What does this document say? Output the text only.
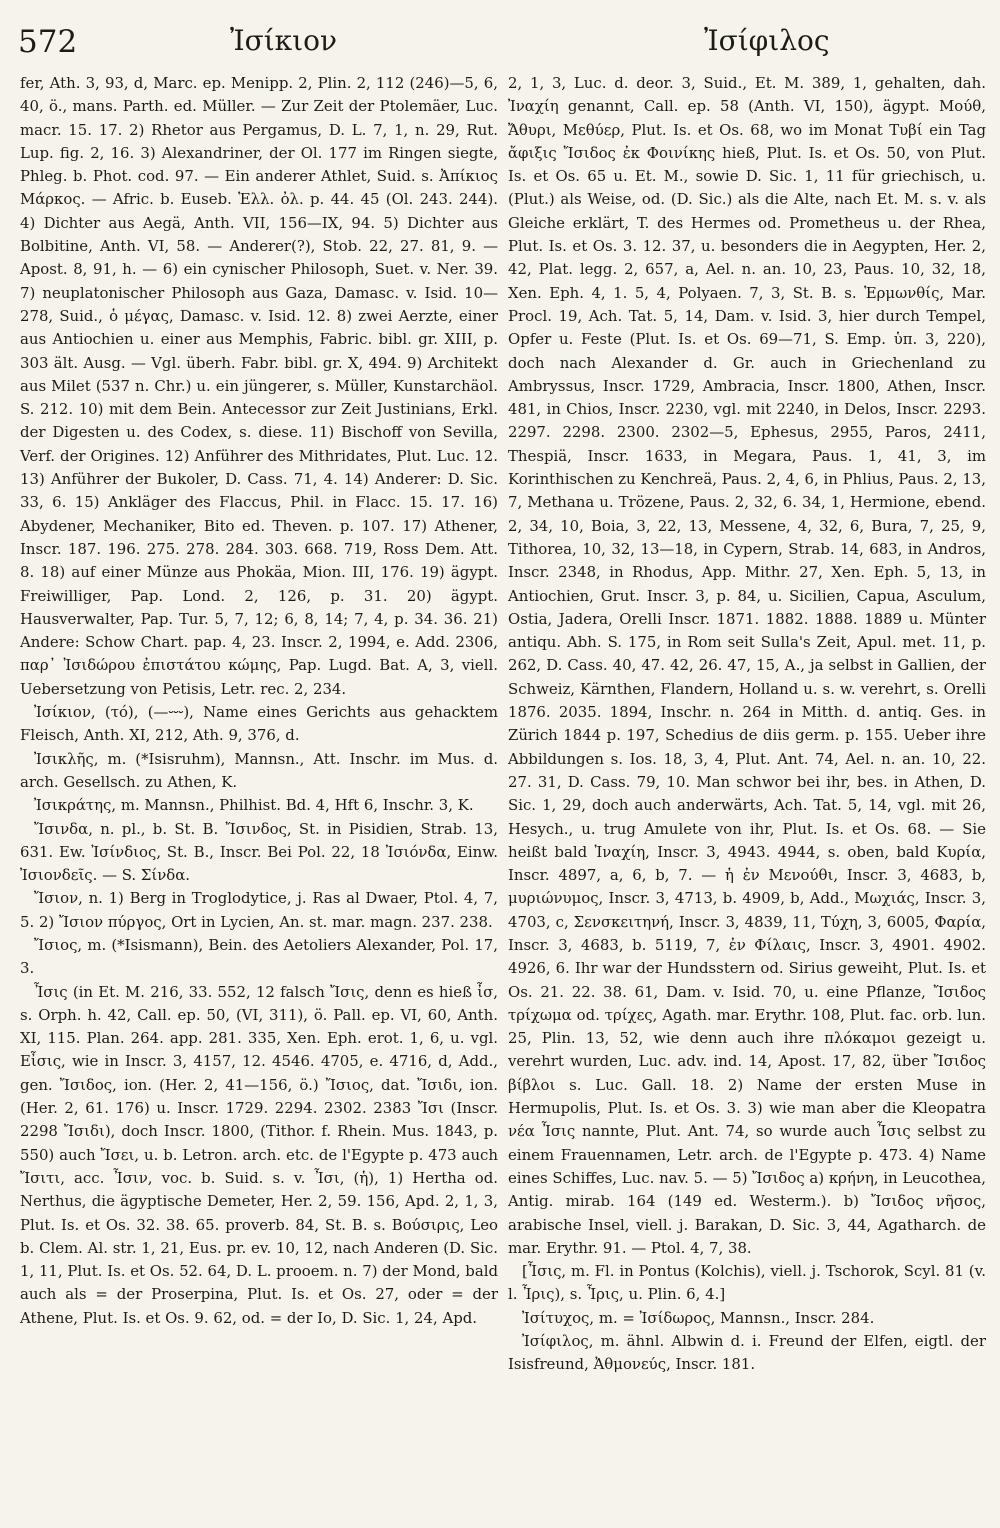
572	Ἰσίκιον	Ἰσίφιλος

fer, Ath. 3, 93, d, Marc. ep. Menipp. 2, Plin. 2, 112 (246)—5, 6, 40, ö., mans. Parth. ed. Müller. — Zur Zeit der Ptolemäer, Luc. macr. 15. 17. 2) Rhetor aus Pergamus, D. L. 7, 1, n. 29, Rut. Lup. fig. 2, 16. 3) Alexandriner, der Ol. 177 im Ringen siegte, Phleg. b. Phot. cod. 97. — Ein anderer Athlet, Suid. s. Ἀπίκιος Μάρκος. — Afric. b. Euseb. Ἑλλ. ὀλ. p. 44. 45 (Ol. 243. 244). 4) Dichter aus Aegä, Anth. VII, 156—IX, 94. 5) Dichter aus Bolbitine, Anth. VI, 58. — Anderer(?), Stob. 22, 27. 81, 9. — Apost. 8, 91, h. — 6) ein cynischer Philosoph, Suet. v. Ner. 39. 7) neuplatonischer Philosoph aus Gaza, Damasc. v. Isid. 10—278, Suid., ὁ μέγας, Damasc. v. Isid. 12. 8) zwei Aerzte, einer aus Antiochien u. einer aus Memphis, Fabric. bibl. gr. XIII, p. 303 ält. Ausg. — Vgl. überh. Fabr. bibl. gr. X, 494. 9) Architekt aus Milet (537 n. Chr.) u. ein jüngerer, s. Müller, Kunstarchäol. S. 212. 10) mit dem Bein. Antecessor zur Zeit Justinians, Erkl. der Digesten u. des Codex, s. diese. 11) Bischoff von Sevilla, Verf. der Origines. 12) Anführer des Mithridates, Plut. Luc. 12. 13) Anführer der Bukoler, D. Cass. 71, 4. 14) Anderer: D. Sic. 33, 6. 15) Ankläger des Flaccus, Phil. in Flacc. 15. 17. 16) Abydener, Mechaniker, Bito ed. Theven. p. 107. 17) Athener, Inscr. 187. 196. 275. 278. 284. 303. 668. 719, Ross Dem. Att. 8. 18) auf einer Münze aus Phokäa, Mion. III, 176. 19) ägypt. Freiwilliger, Pap. Lond. 2, 126, p. 31. 20) ägypt. Hausverwalter, Pap. Tur. 5, 7, 12; 6, 8, 14; 7, 4, p. 34. 36. 21) Andere: Schow Chart. pap. 4, 23. Inscr. 2, 1994, e. Add. 2306, παρ᾽ Ἰσιδώρου ἐπιστάτου κώμης, Pap. Lugd. Bat. A, 3, viell. Uebersetzung von Petisis, Letr. rec. 2, 234.

Ἰσίκιον, (τό), (—⏑⏑⏑), Name eines Gerichts aus gehacktem Fleisch, Anth. XI, 212, Ath. 9, 376, d.

Ἰσικλῆς, m. (*Isisruhm), Mannsn., Att. Inschr. im Mus. d. arch. Gesellsch. zu Athen, K.

Ἰσικράτης, m. Mannsn., Philhist. Bd. 4, Hft 6, Inschr. 3, K.

Ἴσινδα, n. pl., b. St. B. Ἴσινδος, St. in Pisidien, Strab. 13, 631. Ew. Ἰσίνδιος, St. B., Inscr. Bei Pol. 22, 18 Ἰσιόνδα, Einw. Ἰσιονδεῖς. — S. Σίνδα.

Ἴσιον, n. 1) Berg in Troglodytice, j. Ras al Dwaer, Ptol. 4, 7, 5. 2) Ἴσιον πύργος, Ort in Lycien, An. st. mar. magn. 237. 238.

Ἴσιος, m. (*Isismann), Bein. des Aetoliers Alexander, Pol. 17, 3.

Ἶσις (in Et. M. 216, 33. 552, 12 falsch Ἴσις, denn es hieß ἶσ, s. Orph. h. 42, Call. ep. 50, (VI, 311), ö. Pall. ep. VI, 60, Anth. XI, 115. Plan. 264. app. 281. 335, Xen. Eph. erot. 1, 6, u. vgl. Εἶσις, wie in Inscr. 3, 4157, 12. 4546. 4705, e. 4716, d, Add., gen. Ἴσιδος, ion. (Her. 2, 41—156, ö.) Ἴσιος, dat. Ἴσιδι, ion. (Her. 2, 61. 176) u. Inscr. 1729. 2294. 2302. 2383 Ἴσι (Inscr. 2298 Ἴσιδι), doch Inscr. 1800, (Tithor. f. Rhein. Mus. 1843, p. 550) auch Ἴσει, u. b. Letron. arch. etc. de l'Egypte p. 473 auch Ἴσιτι, acc. Ἶσιν, voc. b. Suid. s. v. Ἶσι, (ἡ), 1) Hertha od. Nerthus, die ägyptische Demeter, Her. 2, 59. 156, Apd. 2, 1, 3, Plut. Is. et Os. 32. 38. 65. proverb. 84, St. B. s. Βούσιρις, Leo b. Clem. Al. str. 1, 21, Eus. pr. ev. 10, 12, nach Anderen (D. Sic. 1, 11, Plut. Is. et Os. 52. 64, D. L. prooem. n. 7) der Mond, bald auch als = der Proserpina, Plut. Is. et Os. 27, oder = der Athene, Plut. Is. et Os. 9. 62, od. = der Io, D. Sic. 1, 24, Apd.

2, 1, 3, Luc. d. deor. 3, Suid., Et. M. 389, 1, gehalten, dah. Ἰναχίη genannt, Call. ep. 58 (Anth. VI, 150), ägypt. Μούθ, Ἄθυρι, Μεθύερ, Plut. Is. et Os. 68, wo im Monat Τυβί ein Tag ἄφιξις Ἴσιδος ἐκ Φοινίκης hieß, Plut. Is. et Os. 50, von Plut. Is. et Os. 65 u. Et. M., sowie D. Sic. 1, 11 für griechisch, u. (Plut.) als Weise, od. (D. Sic.) als die Alte, nach Et. M. s. v. als Gleiche erklärt, T. des Hermes od. Prometheus u. der Rhea, Plut. Is. et Os. 3. 12. 37, u. besonders die in Aegypten, Her. 2, 42, Plat. legg. 2, 657, a, Ael. n. an. 10, 23, Paus. 10, 32, 18, Xen. Eph. 4, 1. 5, 4, Polyaen. 7, 3, St. B. s. Ἑρμωνθίς, Mar. Procl. 19, Ach. Tat. 5, 14, Dam. v. Isid. 3, hier durch Tempel, Opfer u. Feste (Plut. Is. et Os. 69—71, S. Emp. ὑπ. 3, 220), doch nach Alexander d. Gr. auch in Griechenland zu Ambryssus, Inscr. 1729, Ambracia, Inscr. 1800, Athen, Inscr. 481, in Chios, Inscr. 2230, vgl. mit 2240, in Delos, Inscr. 2293. 2297. 2298. 2300. 2302—5, Ephesus, 2955, Paros, 2411, Thespiä, Inscr. 1633, in Megara, Paus. 1, 41, 3, im Korinthischen zu Kenchreä, Paus. 2, 4, 6, in Phlius, Paus. 2, 13, 7, Methana u. Trözene, Paus. 2, 32, 6. 34, 1, Hermione, ebend. 2, 34, 10, Boia, 3, 22, 13, Messene, 4, 32, 6, Bura, 7, 25, 9, Tithorea, 10, 32, 13—18, in Cypern, Strab. 14, 683, in Andros, Inscr. 2348, in Rhodus, App. Mithr. 27, Xen. Eph. 5, 13, in Antiochien, Grut. Inscr. 3, p. 84, u. Sicilien, Capua, Asculum, Ostia, Jadera, Orelli Inscr. 1871. 1882. 1888. 1889 u. Münter antiqu. Abh. S. 175, in Rom seit Sulla's Zeit, Apul. met. 11, p. 262, D. Cass. 40, 47. 42, 26. 47, 15, A., ja selbst in Gallien, der Schweiz, Kärnthen, Flandern, Holland u. s. w. verehrt, s. Orelli 1876. 2035. 1894, Inschr. n. 264 in Mitth. d. antiq. Ges. in Zürich 1844 p. 197, Schedius de diis germ. p. 155. Ueber ihre Abbildungen s. Ios. 18, 3, 4, Plut. Ant. 74, Ael. n. an. 10, 22. 27. 31, D. Cass. 79, 10. Man schwor bei ihr, bes. in Athen, D. Sic. 1, 29, doch auch anderwärts, Ach. Tat. 5, 14, vgl. mit 26, Hesych., u. trug Amulete von ihr, Plut. Is. et Os. 68. — Sie heißt bald Ἰναχίη, Inscr. 3, 4943. 4944, s. oben, bald Κυρία, Inscr. 4897, a, 6, b, 7. — ἡ ἐν Μενούθι, Inscr. 3, 4683, b, μυριώνυμος, Inscr. 3, 4713, b. 4909, b, Add., Μωχιάς, Inscr. 3, 4703, c, Σενσκειτηνή, Inscr. 3, 4839, 11, Τύχη, 3, 6005, Φαρία, Inscr. 3, 4683, b. 5119, 7, ἐν Φίλαις, Inscr. 3, 4901. 4902. 4926, 6. Ihr war der Hundsstern od. Sirius geweiht, Plut. Is. et Os. 21. 22. 38. 61, Dam. v. Isid. 70, u. eine Pflanze, Ἴσιδος τρίχωμα od. τρίχες, Agath. mar. Erythr. 108, Plut. fac. orb. lun. 25, Plin. 13, 52, wie denn auch ihre πλόκαμοι gezeigt u. verehrt wurden, Luc. adv. ind. 14, Apost. 17, 82, über Ἴσιδος βίβλοι s. Luc. Gall. 18. 2) Name der ersten Muse in Hermupolis, Plut. Is. et Os. 3. 3) wie man aber die Kleopatra νέα Ἶσις nannte, Plut. Ant. 74, so wurde auch Ἶσις selbst zu einem Frauennamen, Letr. arch. de l'Egypte p. 473. 4) Name eines Schiffes, Luc. nav. 5. — 5) Ἴσιδος a) κρήνη, in Leucothea, Antig. mirab. 164 (149 ed. Westerm.). b) Ἴσιδος νῆσος, arabische Insel, viell. j. Barakan, D. Sic. 3, 44, Agatharch. de mar. Erythr. 91. — Ptol. 4, 7, 38.

[Ἶσις, m. Fl. in Pontus (Kolchis), viell. j. Tschorok, Scyl. 81 (v. l. Ἶρις), s. Ἶρις, u. Plin. 6, 4.]

Ἰσίτυχος, m. = Ἰσίδωρος, Mannsn., Inscr. 284.

Ἰσίφιλος, m. ähnl. Albwin d. i. Freund der Elfen, eigtl. der Isisfreund, Ἀθμονεύς, Inscr. 181.
